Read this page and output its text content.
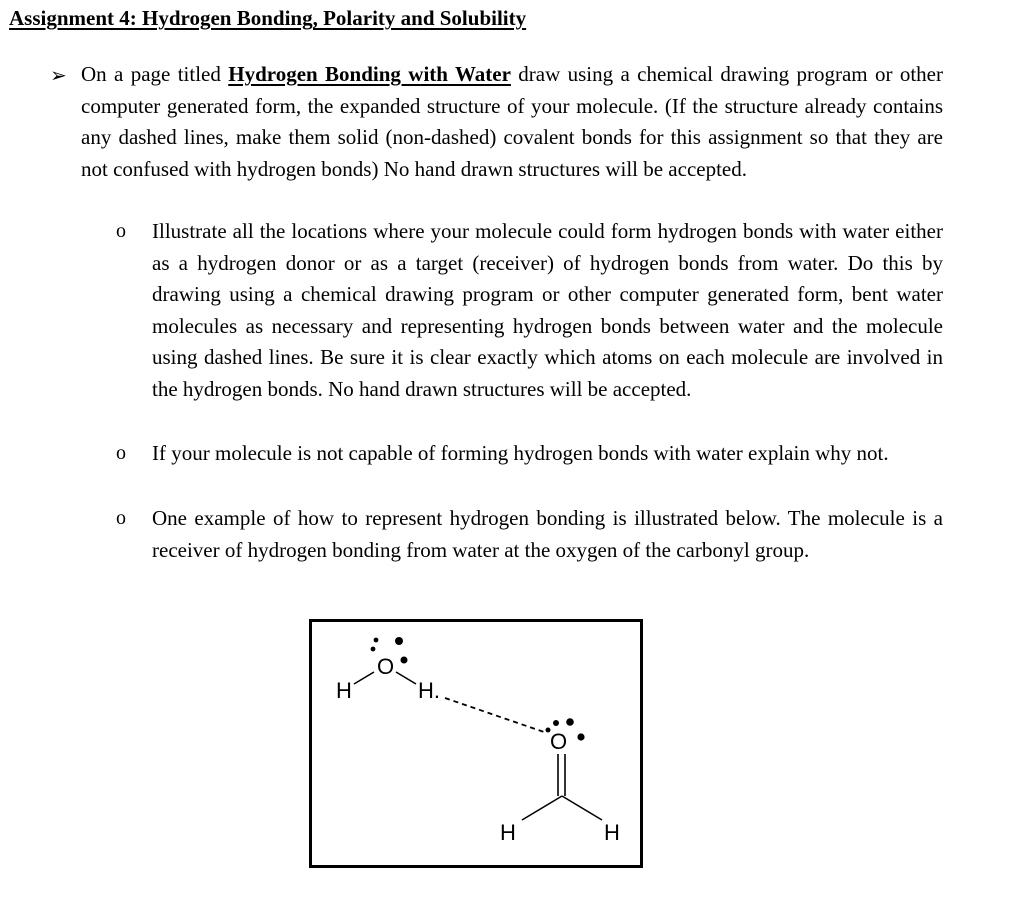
Assignment 4: Hydrogen Bonding, Polarity and Solubility
➢ On a page titled Hydrogen Bonding with Water draw using a chemical drawing program or other computer generated form, the expanded structure of your molecule. (If the structure already contains any dashed lines, make them solid (non-dashed) covalent bonds for this assignment so that they are not confused with hydrogen bonds) No hand drawn structures will be accepted.

o Illustrate all the locations where your molecule could form hydrogen bonds with water either as a hydrogen donor or as a target (receiver) of hydrogen bonds from water. Do this by drawing using a chemical drawing program or other computer generated form, bent water molecules as necessary and representing hydrogen bonds between water and the molecule using dashed lines. Be sure it is clear exactly which atoms on each molecule are involved in the hydrogen bonds. No hand drawn structures will be accepted.

o If your molecule is not capable of forming hydrogen bonds with water explain why not.

o One example of how to represent hydrogen bonding is illustrated below. The molecule is a receiver of hydrogen bonding from water at the oxygen of the carbonyl group.

H
O
H.
O
H	H
